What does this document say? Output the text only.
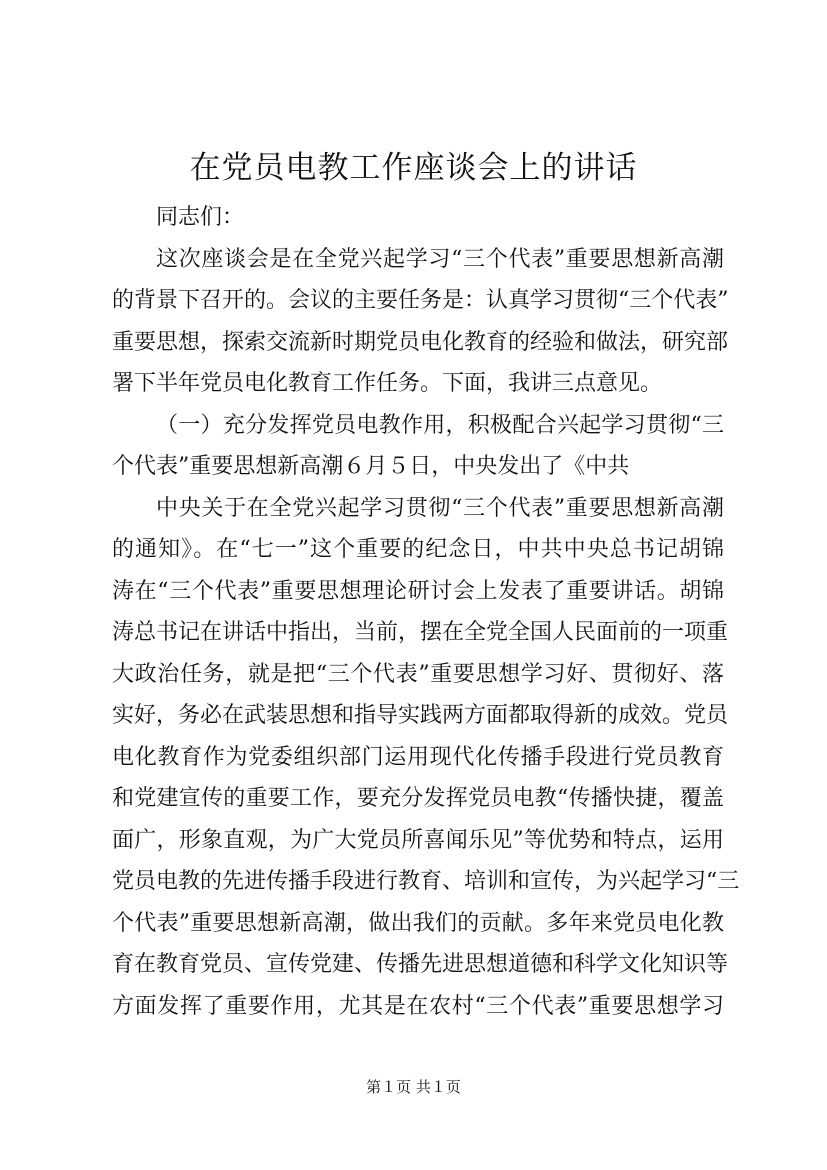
在党员电教工作座谈会上的讲话
同志们：
这次座谈会是在全党兴起学习“三个代表”重要思想新高潮
的背景下召开的。会议的主要任务是：认真学习贯彻“三个代表”
重要思想，探索交流新时期党员电化教育的经验和做法，研究部
署下半年党员电化教育工作任务。下面，我讲三点意见。
（一）充分发挥党员电教作用，积极配合兴起学习贯彻“三
个代表”重要思想新高潮６月５日，中央发出了《中共
中央关于在全党兴起学习贯彻“三个代表”重要思想新高潮
的通知》。在“七一”这个重要的纪念日，中共中央总书记胡锦
涛在“三个代表”重要思想理论研讨会上发表了重要讲话。胡锦
涛总书记在讲话中指出，当前，摆在全党全国人民面前的一项重
大政治任务，就是把“三个代表”重要思想学习好、贯彻好、落
实好，务必在武装思想和指导实践两方面都取得新的成效。党员
电化教育作为党委组织部门运用现代化传播手段进行党员教育
和党建宣传的重要工作，要充分发挥党员电教“传播快捷，覆盖
面广，形象直观，为广大党员所喜闻乐见”等优势和特点，运用
党员电教的先进传播手段进行教育、培训和宣传，为兴起学习“三
个代表”重要思想新高潮，做出我们的贡献。多年来党员电化教
育在教育党员、宣传党建、传播先进思想道德和科学文化知识等
方面发挥了重要作用，尤其是在农村“三个代表”重要思想学习
第１页 共１页
